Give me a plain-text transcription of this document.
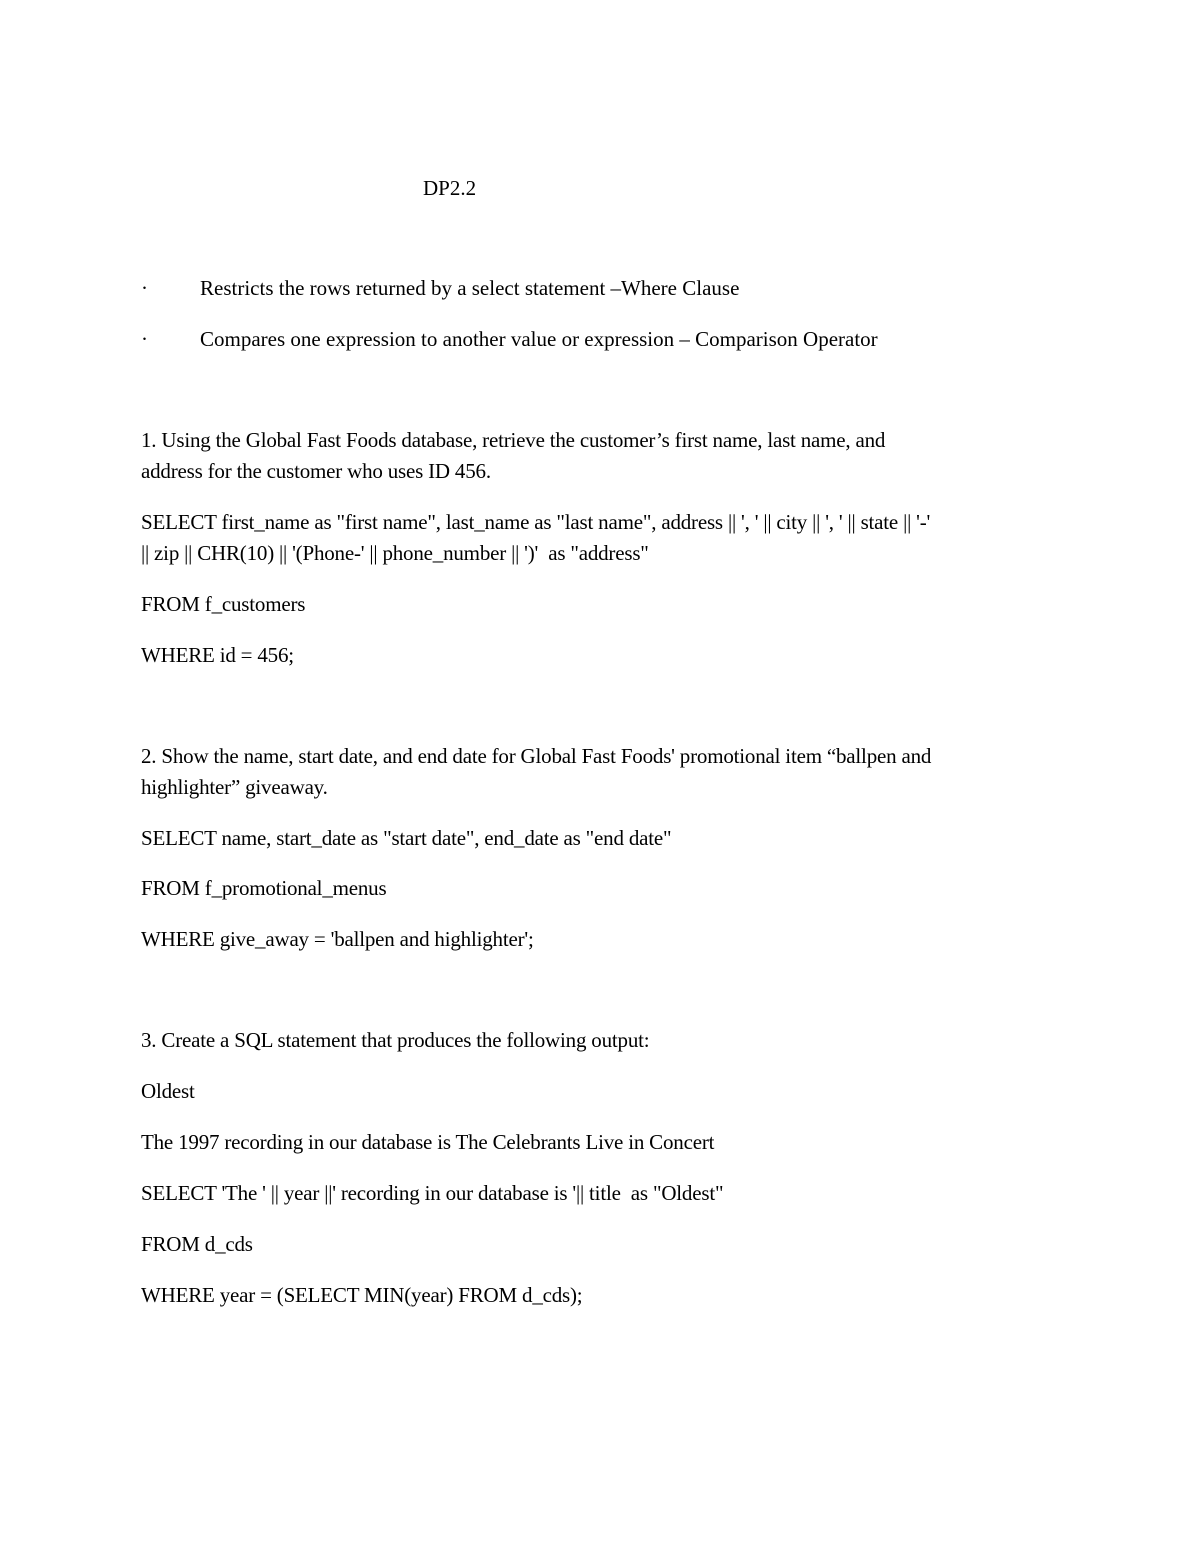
DP2.2

·

	Restricts the rows returned by a select statement –Where Clause

·

	Compares one expression to another value or expression – Comparison Operator

1. Using the Global Fast Foods database, retrieve the customer’s first name, last name, and
address for the customer who uses ID 456.
SELECT first_name as "first name", last_name as "last name", address || ', ' || city || ', ' || state || '-'
|| zip || CHR(10) || '(Phone-' || phone_number || ')'  as "address"
FROM f_customers
WHERE id = 456;
2. Show the name, start date, and end date for Global Fast Foods' promotional item “ballpen and
highlighter” giveaway.
SELECT name, start_date as "start date", end_date as "end date"
FROM f_promotional_menus
WHERE give_away = 'ballpen and highlighter';
3. Create a SQL statement that produces the following output:
Oldest
The 1997 recording in our database is The Celebrants Live in Concert
SELECT 'The ' || year ||' recording in our database is '|| title  as "Oldest"
FROM d_cds
WHERE year = (SELECT MIN(year) FROM d_cds);
